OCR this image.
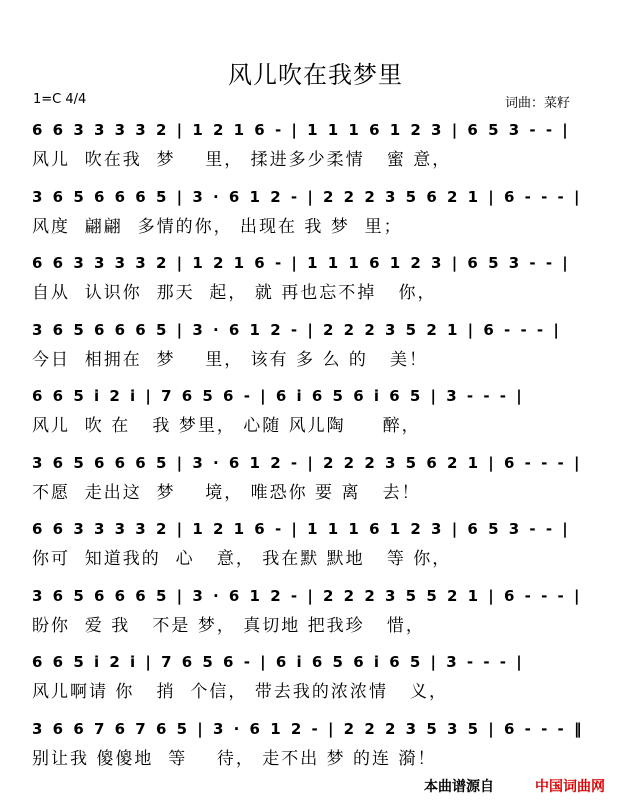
风儿吹在我梦里
1=C 4/4	词曲：菜籽
6 6 3 3 3 3 2 | 1 2 1 6 - | 1 1 1 6 1 2 3 | 6 5 3 - - |
风儿  吹在我  梦    里， 揉进多少柔情   蜜 意，
3 6 5 6 6 6 5 | 3 · 6 1 2 - | 2 2 2 3 5 6 2 1 | 6 - - - |
风度  翩翩  多情的你， 出现在 我 梦  里；
6 6 3 3 3 3 2 | 1 2 1 6 - | 1 1 1 6 1 2 3 | 6 5 3 - - |
自从  认识你  那天  起， 就 再也忘不掉   你，
3 6 5 6 6 6 5 | 3 · 6 1 2 - | 2 2 2 3 5 2 1 | 6 - - - |
今日  相拥在  梦    里， 该有 多 么 的   美！
6 6 5 i 2 i | 7 6 5 6 - | 6 i 6 5 6 i 6 5 | 3 - - - |
风儿  吹 在   我 梦里， 心随 风儿陶     醉，
3 6 5 6 6 6 5 | 3 · 6 1 2 - | 2 2 2 3 5 6 2 1 | 6 - - - |
不愿  走出这  梦    境， 唯恐你 要 离   去！
6 6 3 3 3 3 2 | 1 2 1 6 - | 1 1 1 6 1 2 3 | 6 5 3 - - |
你可  知道我的  心   意， 我在默 默地   等 你，
3 6 5 6 6 6 5 | 3 · 6 1 2 - | 2 2 2 3 5 5 2 1 | 6 - - - |
盼你  爱 我   不是 梦， 真切地 把我珍   惜，
6 6 5 i 2 i | 7 6 5 6 - | 6 i 6 5 6 i 6 5 | 3 - - - |
风儿啊请 你   捎  个信， 带去我的浓浓情   义，
3 6 6 7 6 7 6 5 | 3 · 6 1 2 - | 2 2 2 3 5 3 5 | 6 - - - ‖
别让我 傻傻地  等    待， 走不出 梦 的连 漪！
本曲谱源自	中国词曲网
